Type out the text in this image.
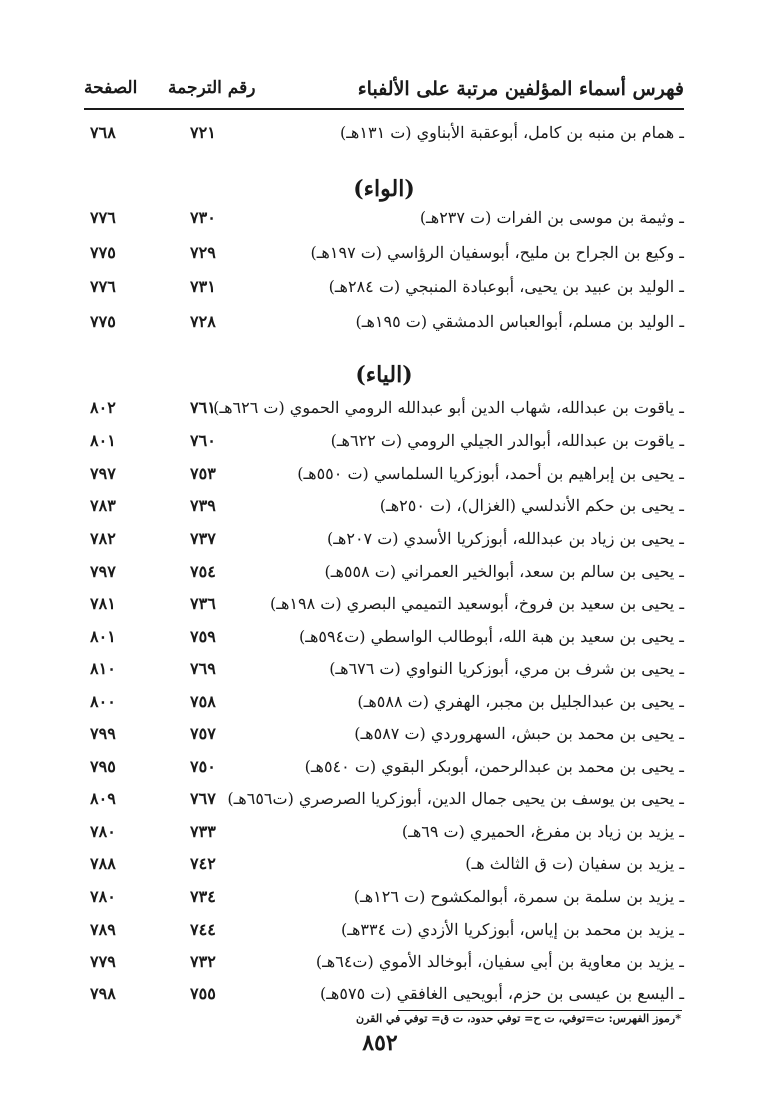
فهرس أسماء المؤلفين مرتبة على الألفباء
رقم الترجمة
الصفحة
ـ همام بن منبه بن كامل، أبوعقبة الأبناوي (ت ١٣١هـ)
٧٢١
٧٦٨
(الواء)
ـ وثيمة بن موسى بن الفرات (ت ٢٣٧هـ)
٧٣٠
٧٧٦
ـ وكيع بن الجراح بن مليح، أبوسفيان الرؤاسي (ت ١٩٧هـ)
٧٢٩
٧٧٥
ـ الوليد بن عبيد بن يحيى، أبوعبادة المنبجي (ت ٢٨٤هـ)
٧٣١
٧٧٦
ـ الوليد بن مسلم، أبوالعباس الدمشقي (ت ١٩٥هـ)
٧٢٨
٧٧٥
(الياء)
ـ ياقوت بن عبدالله، شهاب الدين أبو عبدالله الرومي الحموي (ت ٦٢٦هـ)
٧٦١
٨٠٢
ـ ياقوت بن عبدالله، أبوالدر الجيلي الرومي (ت ٦٢٢هـ)
٧٦٠
٨٠١
ـ يحيى بن إبراهيم بن أحمد، أبوزكريا السلماسي (ت ٥٥٠هـ)
٧٥٣
٧٩٧
ـ يحيى بن حكم الأندلسي (الغزال)، (ت ٢٥٠هـ)
٧٣٩
٧٨٣
ـ يحيى بن زياد بن عبدالله، أبوزكريا الأسدي (ت ٢٠٧هـ)
٧٣٧
٧٨٢
ـ يحيى بن سالم بن سعد، أبوالخير العمراني (ت ٥٥٨هـ)
٧٥٤
٧٩٧
ـ يحيى بن سعيد بن فروخ، أبوسعيد التميمي البصري (ت ١٩٨هـ)
٧٣٦
٧٨١
ـ يحيى بن سعيد بن هبة الله، أبوطالب الواسطي (ت٥٩٤هـ)
٧٥٩
٨٠١
ـ يحيى بن شرف بن مري، أبوزكريا النواوي (ت ٦٧٦هـ)
٧٦٩
٨١٠
ـ يحيى بن عبدالجليل بن مجبر، الهفري (ت ٥٨٨هـ)
٧٥٨
٨٠٠
ـ يحيى بن محمد بن حبش، السهروردي (ت ٥٨٧هـ)
٧٥٧
٧٩٩
ـ يحيى بن محمد بن عبدالرحمن، أبوبكر البقوي (ت ٥٤٠هـ)
٧٥٠
٧٩٥
ـ يحيى بن يوسف بن يحيى جمال الدين، أبوزكريا الصرصري (ت٦٥٦هـ)
٧٦٧
٨٠٩
ـ يزيد بن زياد بن مفرغ، الحميري (ت ٦٩هـ)
٧٣٣
٧٨٠
ـ يزيد بن سفيان (ت ق الثالث هـ)
٧٤٢
٧٨٨
ـ يزيد بن سلمة بن سمرة، أبوالمكشوح (ت ١٢٦هـ)
٧٣٤
٧٨٠
ـ يزيد بن محمد بن إياس، أبوزكريا الأزدي (ت ٣٣٤هـ)
٧٤٤
٧٨٩
ـ يزيد بن معاوية بن أبي سفيان، أبوخالد الأموي (ت٦٤هـ)
٧٣٢
٧٧٩
ـ اليسع بن عيسى بن حزم، أبويحيى الغافقي (ت ٥٧٥هـ)
٧٥٥
٧٩٨
*رموز الفهرس: ت=توفي، ت ح= توفي حدود، ت ق= توفي في القرن
٨٥٢
